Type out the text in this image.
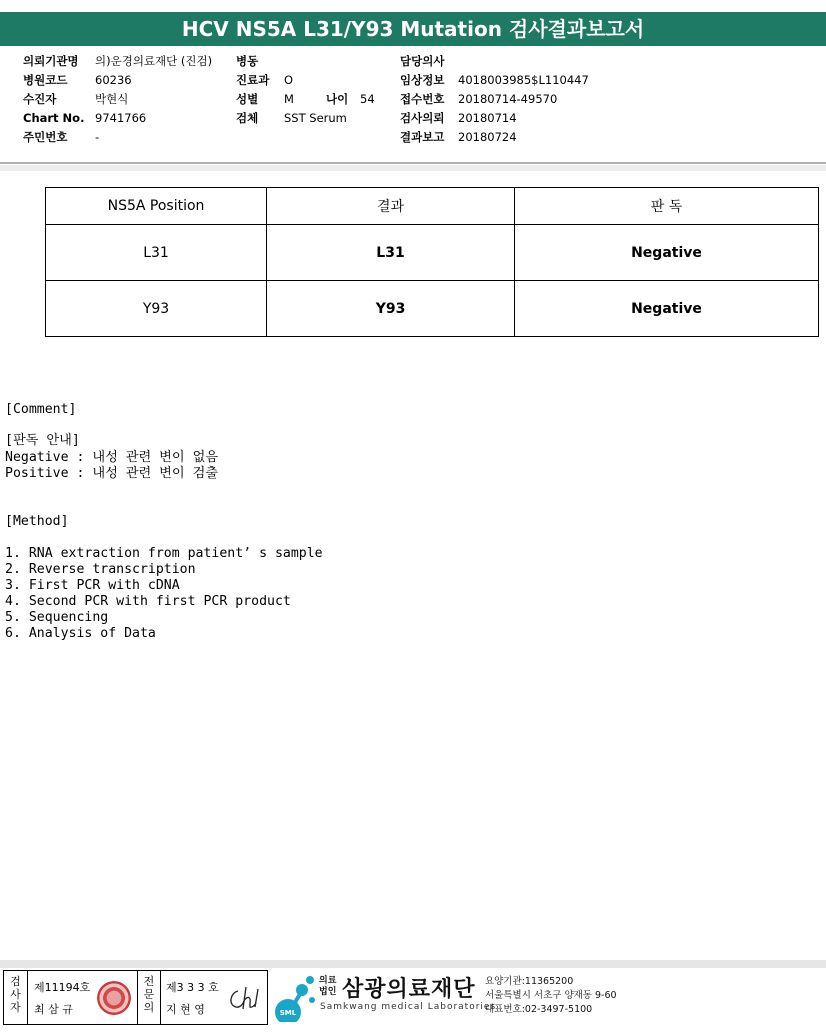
HCV NS5A L31/Y93 Mutation 검사결과보고서
의뢰기관명 의)운경의료재단 (진검)
병원코드 60236
수진자	박현식
Chart No. 9741766
주민번호 -
병동
진료과 O
성별 M	나이 54
검체 SST Serum
담당의사
임상정보 4018003985$L110447
접수번호 20180714-49570
검사의뢰 20180714
결과보고 20180724
NS5A Position	결과	판 독
L31	L31	Negative
Y93	Y93	Negative
[Comment]
[판독 안내]
Negative : 내성 관련 변이 없음
Positive : 내성 관련 변이 검출
[Method]
1. RNA extraction from patient’ s sample
2. Reverse transcription
3. First PCR with cDNA
4. Second PCR with first PCR product
5. Sequencing
6. Analysis of Data
검사자
제11194호
최 삼 규
전문의
제3 3 3 호
지 현 영	SML
의료법인 삼광의료재단
Samkwang medical Laboratories
요양기관:11365200
서울특별시 서초구 양재동 9-60
대표번호:02-3497-5100
